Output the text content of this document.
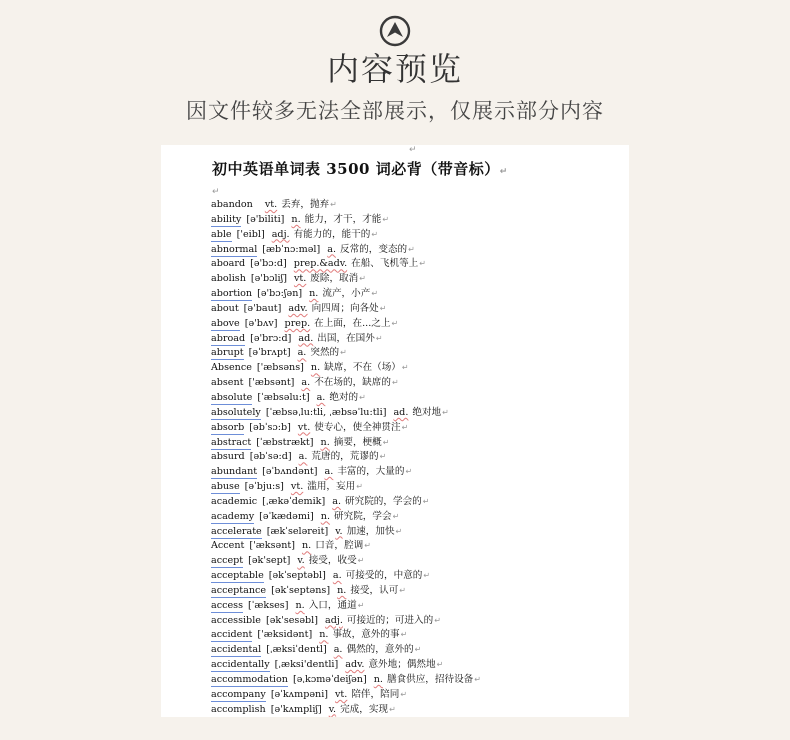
内容预览
因文件较多无法全部展示，仅展示部分内容
↵
初中英语单词表 3500 词必背（带音标）↵
↵
abandon vt. 丢弃，抛弃↵
ability [ə'biliti] n. 能力，才干，才能↵
able ['eibl] adj. 有能力的，能干的↵
abnormal [æbˈnɔ:məl] a. 反常的，变态的↵
aboard [ə'bɔ:d] prep.&adv. 在船、飞机等上↵
abolish [ə'bɔliʃ] vt. 废除，取消↵
abortion [ə'bɔ:ʃən] n. 流产，小产↵
about [ə'baut] adv. 向四周；向各处↵
above [ə'bʌv] prep. 在上面，在...之上↵
abroad [ə'brɔ:d] ad. 出国，在国外↵
abrupt [əˈbrʌpt] a. 突然的↵
Absence ['æbsəns] n. 缺席，不在（场）↵
absent ['æbsənt] a. 不在场的，缺席的↵
absolute [ˈæbsəlu:t] a. 绝对的↵
absolutely [ˈæbsəˌlu:tli, ˌæbsəˈlu:tli] ad. 绝对地↵
absorb [əbˈsɔ:b] vt. 使专心，使全神贯注↵
abstract [ˈæbstrækt] n. 摘要，梗概↵
absurd [əbˈsə:d] a. 荒唐的，荒谬的↵
abundant [əˈbʌndənt] a. 丰富的，大量的↵
abuse [əˈbju:s] vt. 滥用，妄用↵
academic [ˌækəˈdemik] a. 研究院的，学会的↵
academy [əˈkædəmi] n. 研究院，学会↵
accelerate [ækˈseləreit] v. 加速，加快↵
Accent ['æksənt] n. 口音，腔调↵
accept [ək'sept] v. 接受，收受↵
acceptable [əkˈseptəbl] a. 可接受的，中意的↵
acceptance [əkˈseptəns] n. 接受，认可↵
access [ˈækses] n. 入口，通道↵
accessible [ək'sesəbl] adj. 可接近的；可进入的↵
accident ['æksidənt] n. 事故，意外的事↵
accidental [ˌæksiˈdentl] a. 偶然的，意外的↵
accidentally [ˌæksi'dentli] adv. 意外地；偶然地↵
accommodation [əˌkɔməˈdeiʃən] n. 膳食供应，招待设备↵
accompany [əˈkʌmpəni] vt. 陪伴，陪同↵
accomplish [ə'kʌmpliʃ] v. 完成，实现↵
